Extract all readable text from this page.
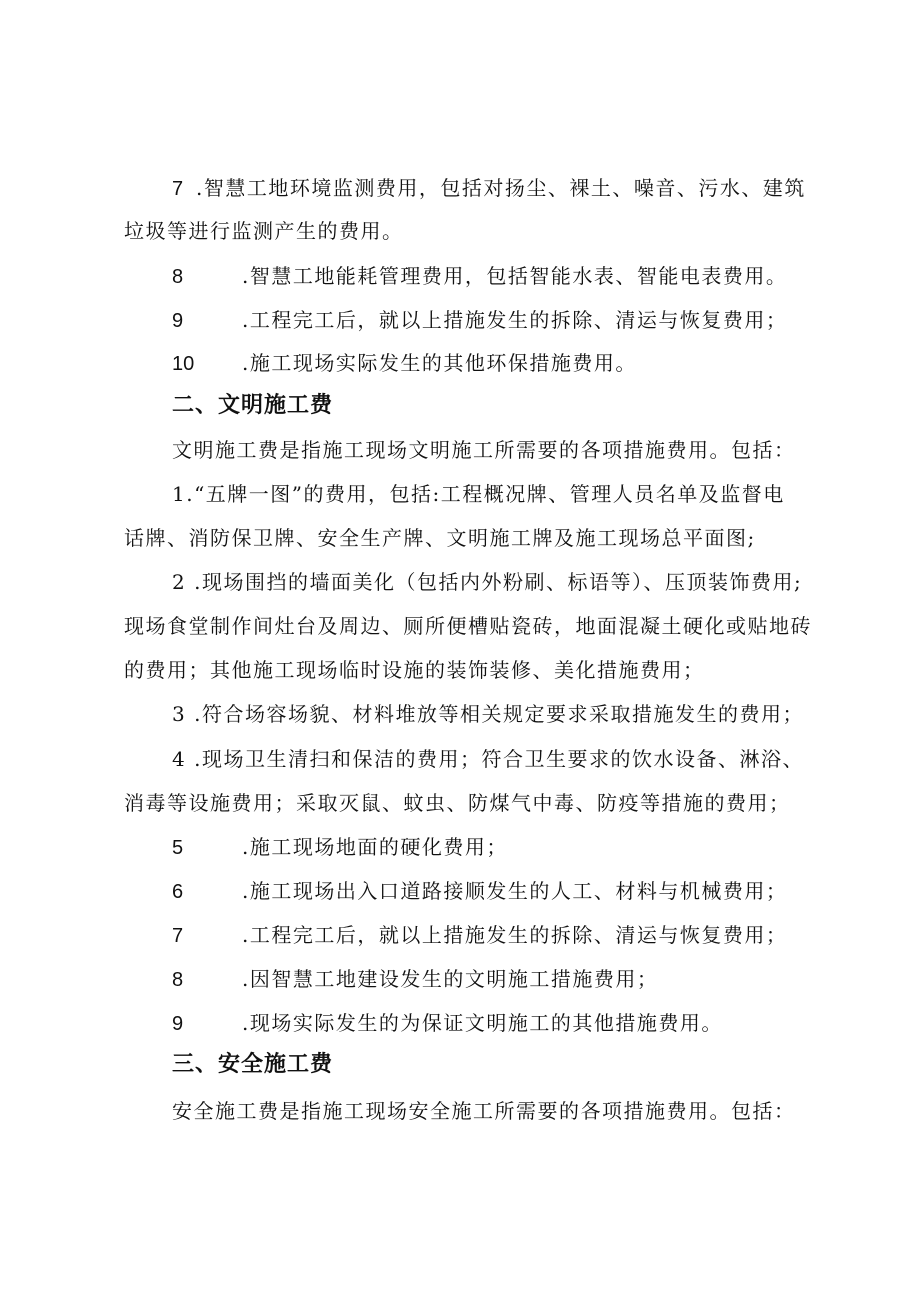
7 .智慧工地环境监测费用，包括对扬尘、裸土、噪音、污水、建筑
垃圾等进行监测产生的费用。
8	.智慧工地能耗管理费用，包括智能水表、智能电表费用。
9	.工程完工后，就以上措施发生的拆除、清运与恢复费用；
10 .施工现场实际发生的其他环保措施费用。
二、文明施工费
文明施工费是指施工现场文明施工所需要的各项措施费用。包括：
1.“五牌一图”的费用，包括:工程概况牌、管理人员名单及监督电
话牌、消防保卫牌、安全生产牌、文明施工牌及施工现场总平面图;
2 .现场围挡的墙面美化（包括内外粉刷、标语等）、压顶装饰费用;
现场食堂制作间灶台及周边、厕所便槽贴瓷砖，地面混凝土硬化或贴地砖
的费用；其他施工现场临时设施的装饰装修、美化措施费用；
3 .符合场容场貌、材料堆放等相关规定要求采取措施发生的费用；
4 .现场卫生清扫和保洁的费用；符合卫生要求的饮水设备、淋浴、
消毒等设施费用；采取灭鼠、蚊虫、防煤气中毒、防疫等措施的费用；
5	.施工现场地面的硬化费用；
6	.施工现场出入口道路接顺发生的人工、材料与机械费用；
7	.工程完工后，就以上措施发生的拆除、清运与恢复费用；
8	.因智慧工地建设发生的文明施工措施费用；
9	.现场实际发生的为保证文明施工的其他措施费用。
三、安全施工费
安全施工费是指施工现场安全施工所需要的各项措施费用。包括：
